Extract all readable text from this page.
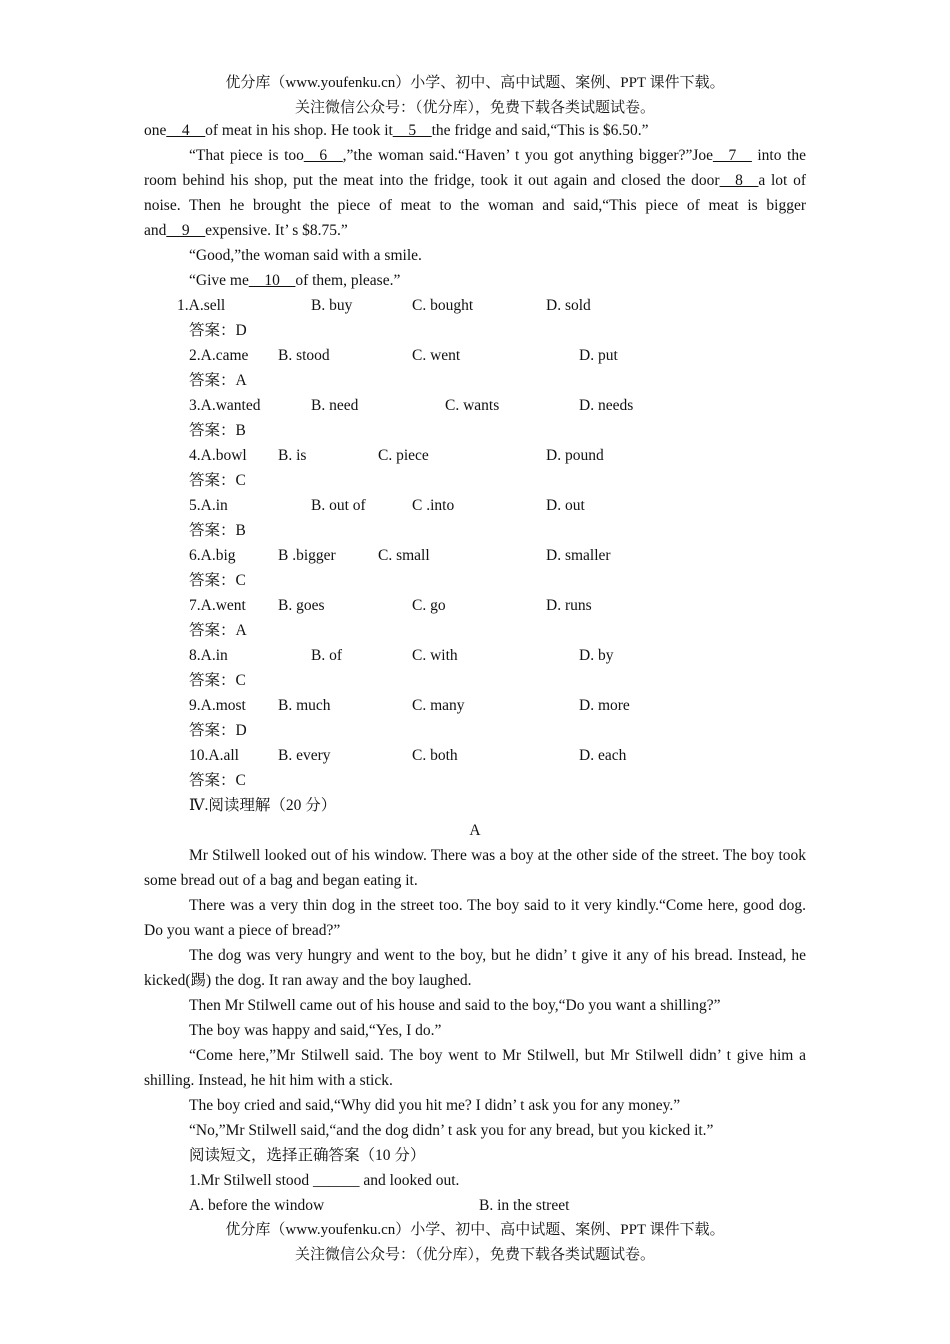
优分库（www.youfenku.cn）小学、初中、高中试题、案例、PPT 课件下载。
关注微信公众号：（优分库），免费下载各类试题试卷。

one__4__of meat in his shop. He took it__5__the fridge and said,“This is $6.50.”

“That piece is too__6__,”the woman said.“Haven’ t you got anything bigger?”Joe__7__ into the room behind his shop, put the meat into the fridge, took it out again and closed the door__8__a lot of noise. Then he brought the piece of meat to the woman and said,“This piece of meat is bigger and__9__expensive. It’ s $8.75.”

“Good,”the woman said with a smile.

“Give me__10__of them, please.”

1.A.sell	B. buy	C. bought	D. sold
答案：D
2.A.came B. stood	C. went	D. put
答案：A
3.A.wanted	B. need	C. wants	D. needs
答案：B
4.A.bowl B. is	C. piece	D. pound
答案：C
5.A.in	B. out of	C .into	D. out
答案：B
6.A.big	B .bigger	C. small	D. smaller
答案：C
7.A.went B. goes	C. go	D. runs
答案：A
8.A.in	B. of	C. with	D. by
答案：C
9.A.most B. much	C. many	D. more
答案：D
10.A.all	B. every	C. both	D. each
答案：C
Ⅳ.阅读理解（20 分）
A

Mr Stilwell looked out of his window. There was a boy at the other side of the street. The boy took some bread out of a bag and began eating it.

There was a very thin dog in the street too. The boy said to it very kindly.“Come here, good dog. Do you want a piece of bread?”

The dog was very hungry and went to the boy, but he didn’ t give it any of his bread. Instead, he kicked(踢) the dog. It ran away and the boy laughed.

Then Mr Stilwell came out of his house and said to the boy,“Do you want a shilling?”

The boy was happy and said,“Yes, I do.”

“Come here,”Mr Stilwell said. The boy went to Mr Stilwell, but Mr Stilwell didn’ t give him a shilling. Instead, he hit him with a stick.

The boy cried and said,“Why did you hit me? I didn’ t ask you for any money.”

“No,”Mr Stilwell said,“and the dog didn’ t ask you for any bread, but you kicked it.”

阅读短文，选择正确答案（10 分）
1.Mr Stilwell stood ______ and looked out.
A. before the window	B. in the street
优分库（www.youfenku.cn）小学、初中、高中试题、案例、PPT 课件下载。
关注微信公众号：（优分库），免费下载各类试题试卷。
